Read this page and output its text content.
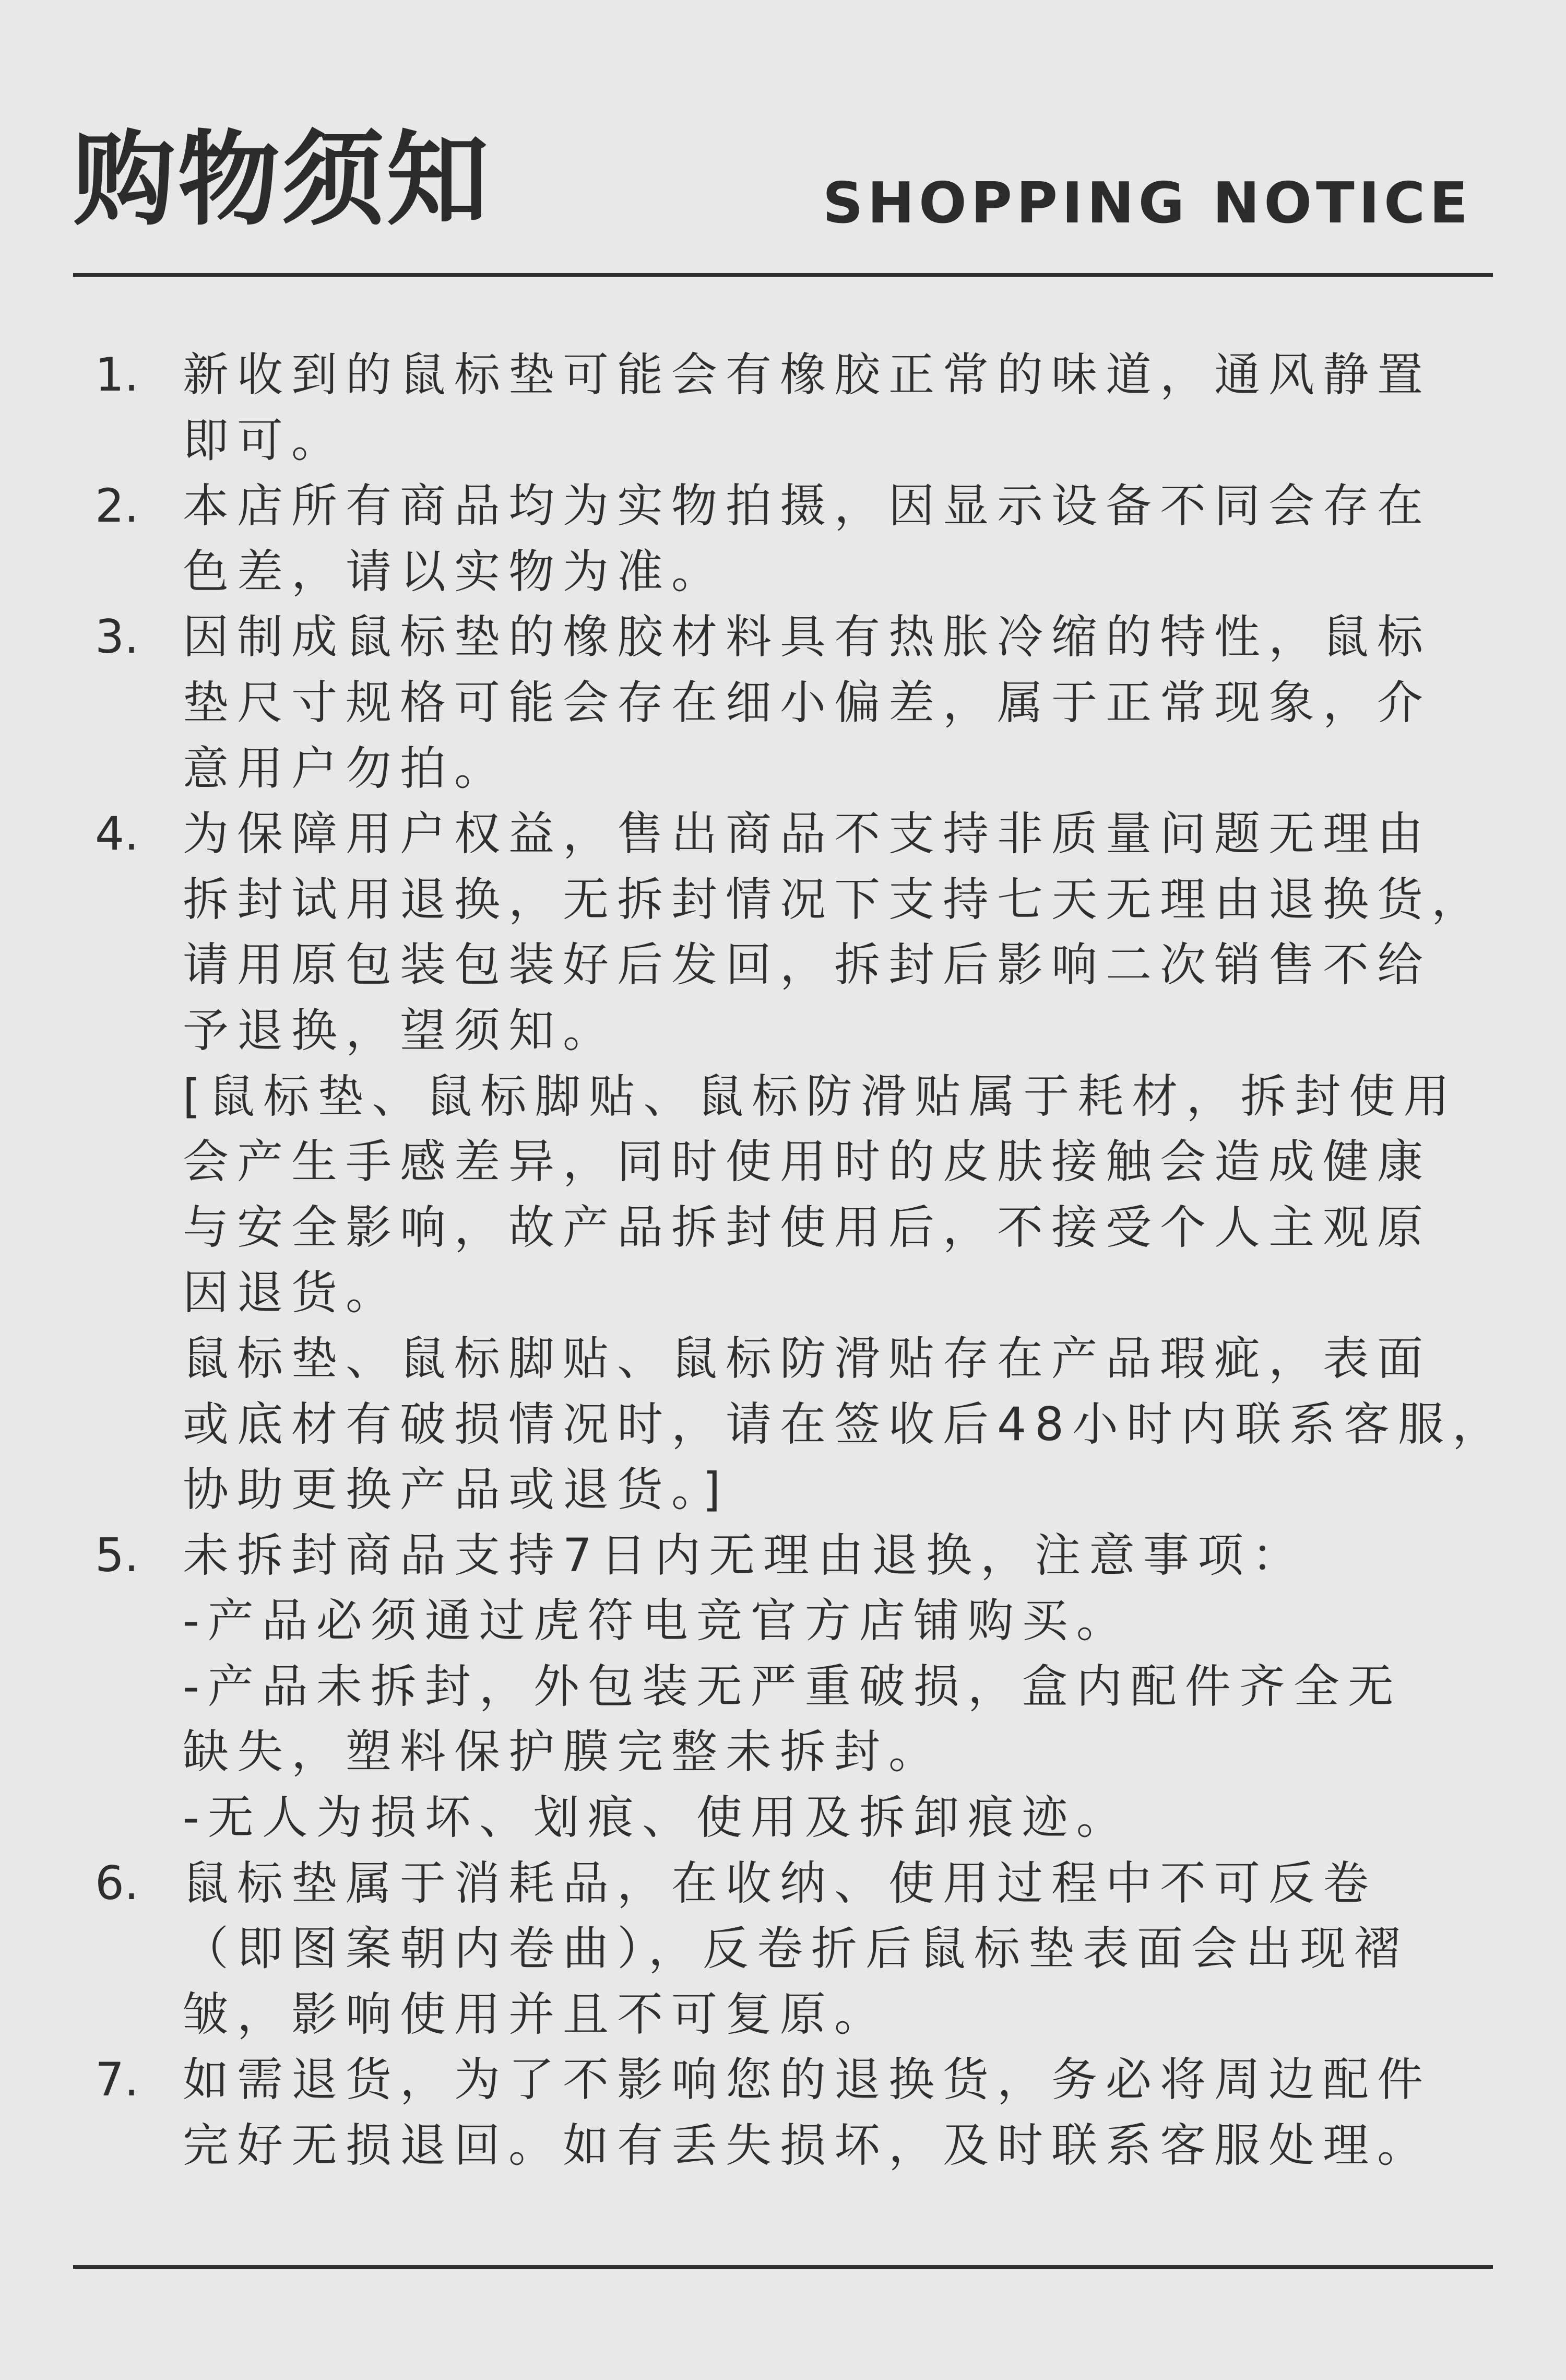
购物须知	SHOPPING NOTICE
1. 新收到的鼠标垫可能会有橡胶正常的味道，通风静置
即可。
2. 本店所有商品均为实物拍摄，因显示设备不同会存在
色差，请以实物为准。
3. 因制成鼠标垫的橡胶材料具有热胀冷缩的特性，鼠标
垫尺寸规格可能会存在细小偏差，属于正常现象，介
意用户勿拍。
4. 为保障用户权益，售出商品不支持非质量问题无理由
拆封试用退换，无拆封情况下支持七天无理由退换货，
请用原包装包装好后发回，拆封后影响二次销售不给
予退换，望须知。
[鼠标垫、鼠标脚贴、鼠标防滑贴属于耗材，拆封使用
会产生手感差异，同时使用时的皮肤接触会造成健康
与安全影响，故产品拆封使用后，不接受个人主观原
因退货。
鼠标垫、鼠标脚贴、鼠标防滑贴存在产品瑕疵，表面
或底材有破损情况时，请在签收后48小时内联系客服，
协助更换产品或退货。]
5. 未拆封商品支持7日内无理由退换，注意事项：
-产品必须通过虎符电竞官方店铺购买。
-产品未拆封，外包装无严重破损，盒内配件齐全无
缺失，塑料保护膜完整未拆封。
-无人为损坏、划痕、使用及拆卸痕迹。
6. 鼠标垫属于消耗品，在收纳、使用过程中不可反卷
（即图案朝内卷曲），反卷折后鼠标垫表面会出现褶
皱，影响使用并且不可复原。
7. 如需退货，为了不影响您的退换货，务必将周边配件
完好无损退回。如有丢失损坏，及时联系客服处理。
